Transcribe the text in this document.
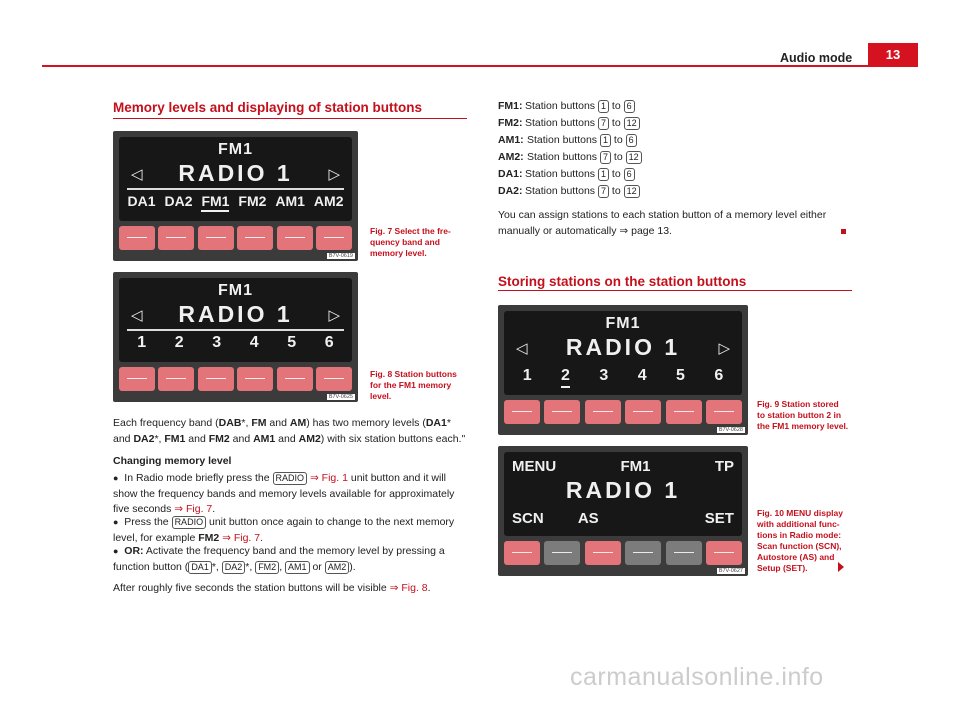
Audio mode	13
Memory levels and displaying of station buttons
FM1
◁	RADIO 1	▷
DA1 DA2 FM1 FM2 AM1 AM2
B7V-0619
Fig. 7 Select the fre-
quency band and
memory level.
FM1
◁	RADIO 1	▷
1 2 3 4 5 6
B7V-0625
Fig. 8 Station buttons
for the FM1 memory
level.
Each frequency band (DAB*, FM and AM) has two memory levels (DA1* and DA2*, FM1 and FM2 and AM1 and AM2) with six station buttons each."
Changing memory level
● In Radio mode briefly press the RADIO ⇒ Fig. 1 unit button and it will show the frequency bands and memory levels available for approximately five seconds ⇒ Fig. 7.
● Press the RADIO unit button once again to change to the next memory level, for example FM2 ⇒ Fig. 7.
● OR: Activate the frequency band and the memory level by pressing a function button ( DA1 *, DA2 *, FM2 , AM1 or AM2 ).
After roughly five seconds the station buttons will be visible ⇒ Fig. 8.
FM1: Station buttons 1 to 6
FM2: Station buttons 7 to 12
AM1: Station buttons 1 to 6
AM2: Station buttons 7 to 12
DA1: Station buttons 1 to 6
DA2: Station buttons 7 to 12
You can assign stations to each station button of a memory level either manually or automatically ⇒ page 13.
Storing stations on the station buttons
FM1
◁	RADIO 1	▷
1 2 3 4 5 6
B7V-0628
Fig. 9 Station stored
to station button 2 in
the FM1 memory level.
MENU	FM1	TP
RADIO 1
SCN AS	SET
B7V-0627
Fig. 10 MENU display
with additional func-
tions in Radio mode:
Scan function (SCN),
Autostore (AS) and
Setup (SET).
carmanualsonline.info
